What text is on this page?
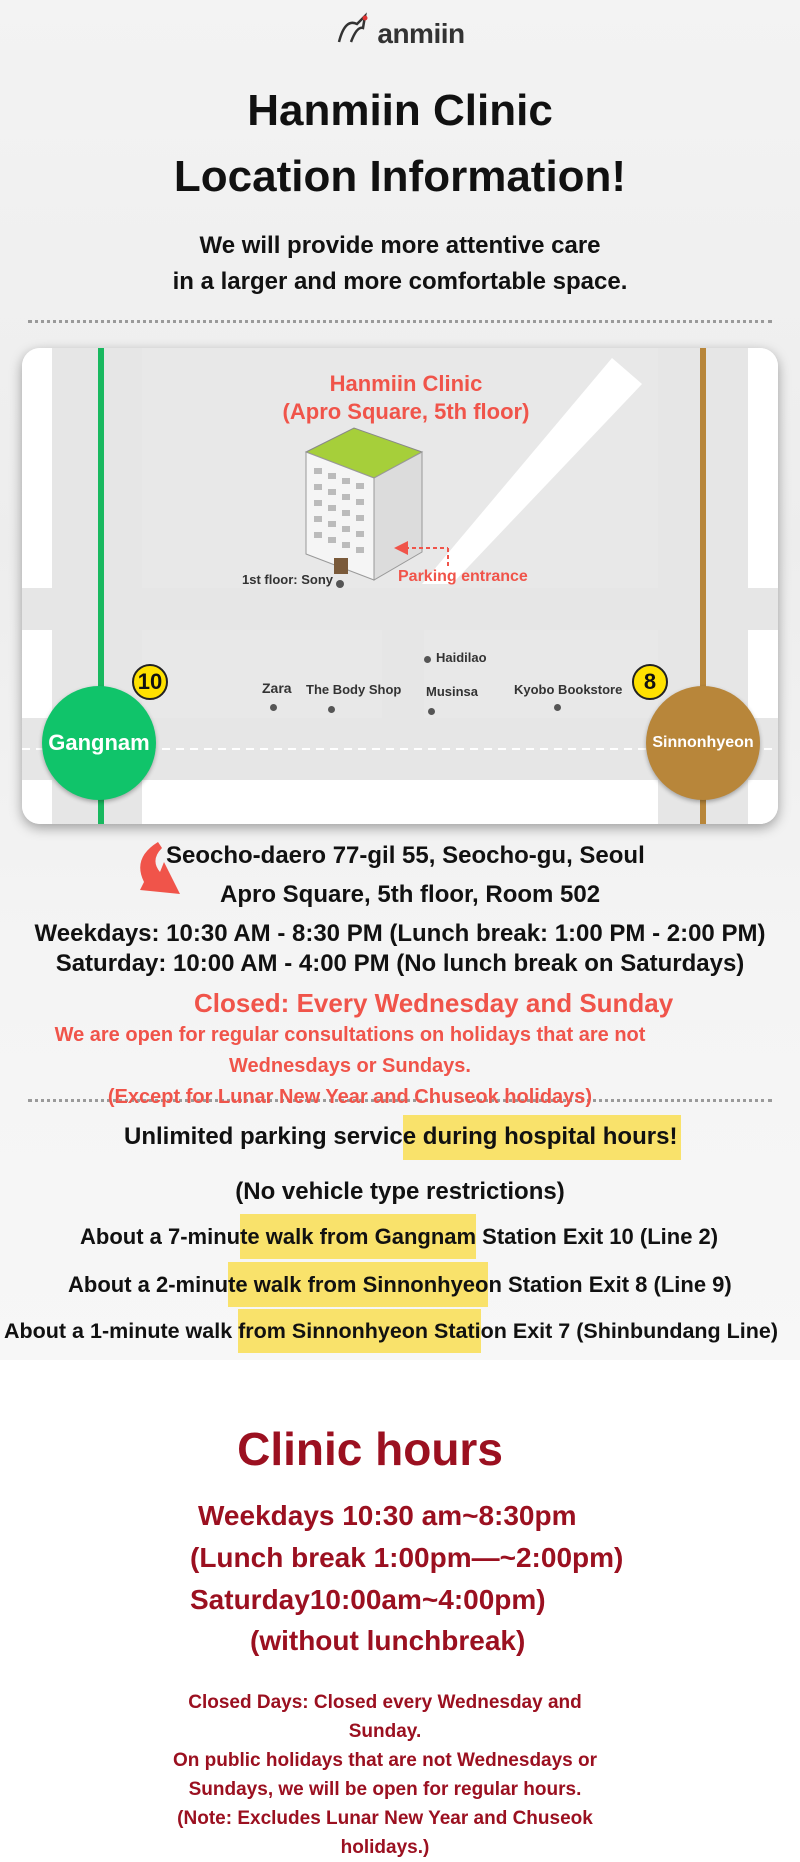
anmiin
Hanmiin Clinic
Location Information!
We will provide more attentive care
in a larger and more comfortable space.
Hanmiin Clinic
(Apro Square, 5th floor)
1st floor: Sony	Parking entrance
Haidilao
Zara The Body Shop Musinsa	Kyobo Bookstore
10	8
Gangnam	Sinnonhyeon
Seocho-daero 77-gil 55, Seocho-gu, Seoul
Apro Square, 5th floor, Room 502
Weekdays: 10:30 AM - 8:30 PM (Lunch break: 1:00 PM - 2:00 PM)
Saturday: 10:00 AM - 4:00 PM (No lunch break on Saturdays)
Closed: Every Wednesday and Sunday
We are open for regular consultations on holidays that are not
Wednesdays or Sundays.
(Except for Lunar New Year and Chuseok holidays)
Unlimited parking service during hospital hours!
(No vehicle type restrictions)
About a 7-minute walk from Gangnam Station Exit 10 (Line 2)
About a 2-minute walk from Sinnonhyeon Station Exit 8 (Line 9)
About a 1-minute walk from Sinnonhyeon Station Exit 7 (Shinbundang Line)
Clinic hours
Weekdays 10:30 am~8:30pm
(Lunch break 1:00pm—~2:00pm)
Saturday10:00am~4:00pm)
(without lunchbreak)
Closed Days: Closed every Wednesday and
Sunday.
On public holidays that are not Wednesdays or
Sundays, we will be open for regular hours.
(Note: Excludes Lunar New Year and Chuseok
holidays.)
